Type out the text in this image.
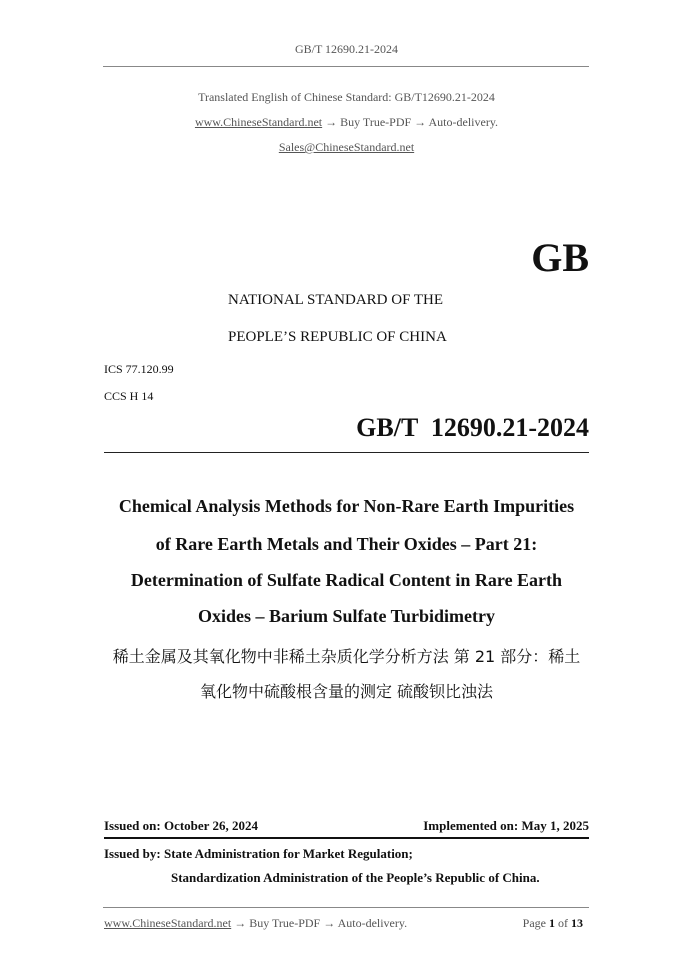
GB/T 12690.21-2024
Translated English of Chinese Standard: GB/T12690.21-2024
www.ChineseStandard.net → Buy True-PDF → Auto-delivery.
Sales@ChineseStandard.net
GB
NATIONAL STANDARD OF THE
PEOPLE’S REPUBLIC OF CHINA
ICS 77.120.99
CCS H 14
GB/T  12690.21-2024
Chemical Analysis Methods for Non-Rare Earth Impurities
of Rare Earth Metals and Their Oxides – Part 21:
Determination of Sulfate Radical Content in Rare Earth
Oxides – Barium Sulfate Turbidimetry
稀土金属及其氧化物中非稀土杂质化学分析方法 第 21 部分：稀土
氧化物中硫酸根含量的测定 硫酸钡比浊法
Issued on: October 26, 2024	Implemented on: May 1, 2025
Issued by: State Administration for Market Regulation;
Standardization Administration of the People’s Republic of China.
www.ChineseStandard.net → Buy True-PDF → Auto-delivery.	Page 1 of 13
